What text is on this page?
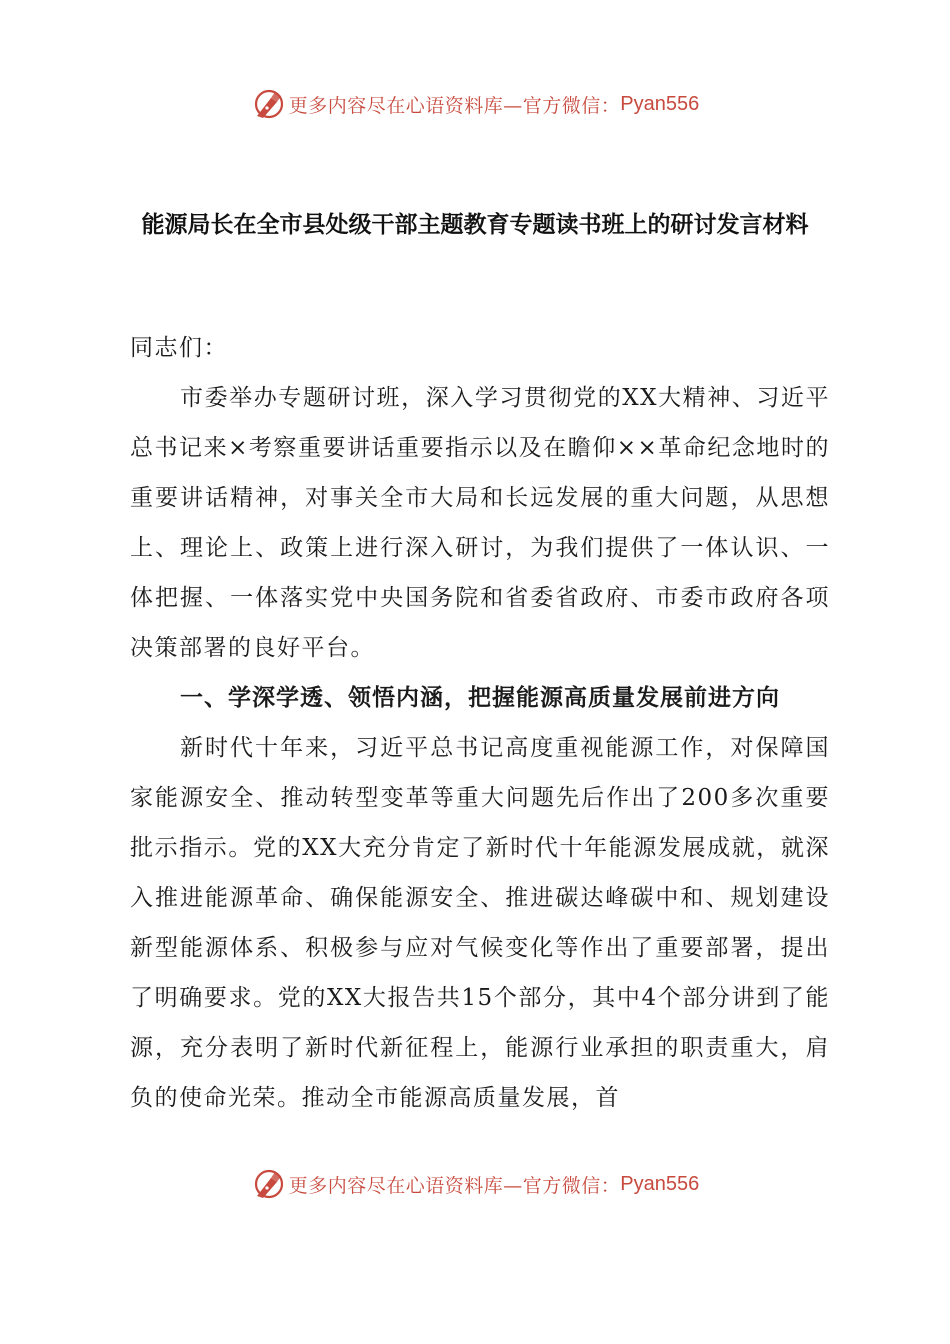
更多内容尽在心语资料库—官方微信： Pyan556
能源局长在全市县处级干部主题教育专题读书班上的研讨发言材料

同志们：

市委举办专题研讨班，深入学习贯彻党的XX大精神、习近平总书记来×考察重要讲话重要指示以及在瞻仰××革命纪念地时的重要讲话精神，对事关全市大局和长远发展的重大问题，从思想上、理论上、政策上进行深入研讨，为我们提供了一体认识、一体把握、一体落实党中央国务院和省委省政府、市委市政府各项决策部署的良好平台。

一、学深学透、领悟内涵，把握能源高质量发展前进方向

新时代十年来，习近平总书记高度重视能源工作，对保障国家能源安全、推动转型变革等重大问题先后作出了200多次重要批示指示。党的XX大充分肯定了新时代十年能源发展成就，就深入推进能源革命、确保能源安全、推进碳达峰碳中和、规划建设新型能源体系、积极参与应对气候变化等作出了重要部署，提出了明确要求。党的XX大报告共15个部分，其中4个部分讲到了能源，充分表明了新时代新征程上，能源行业承担的职责重大，肩负的使命光荣。推动全市能源高质量发展，首

更多内容尽在心语资料库—官方微信： Pyan556
